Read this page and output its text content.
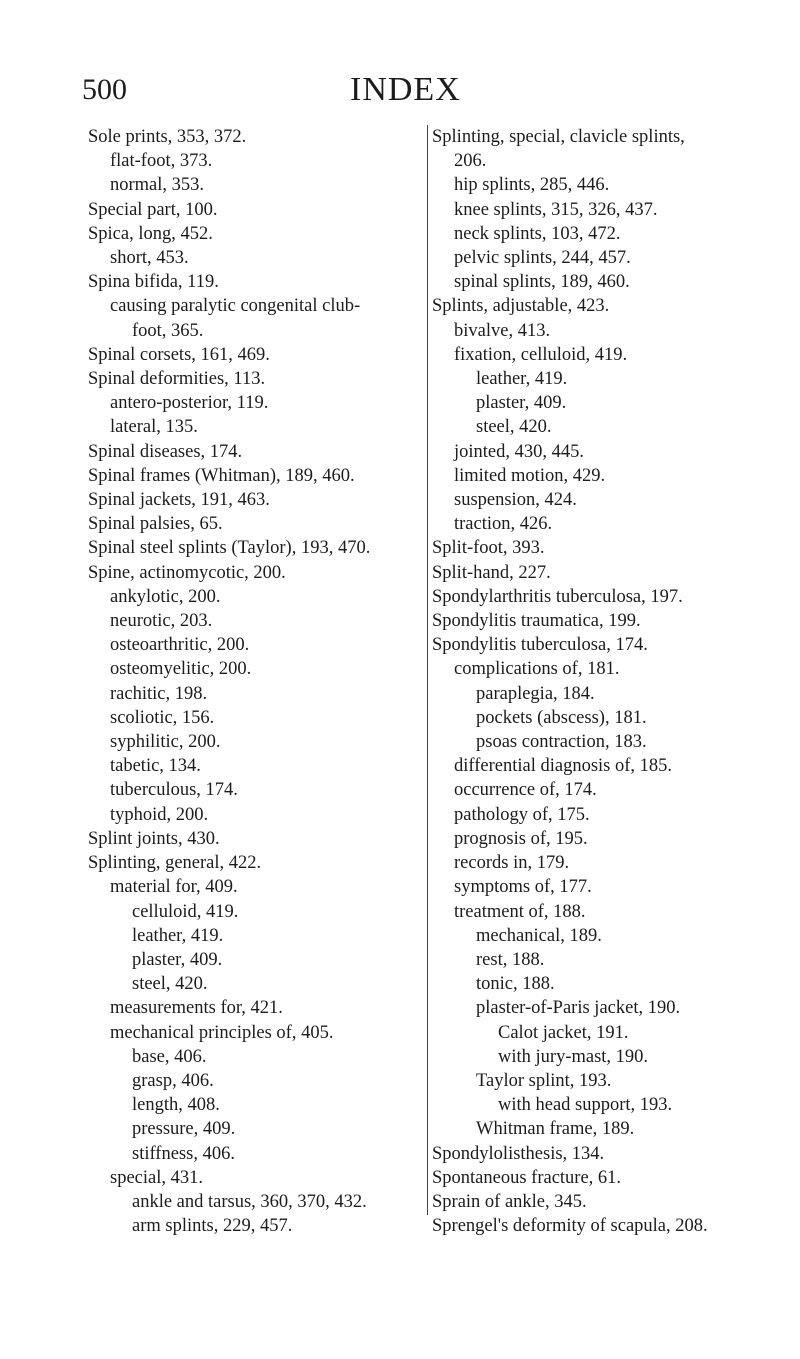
500	INDEX
Sole prints, 353, 372.
flat-foot, 373.
normal, 353.
Special part, 100.
Spica, long, 452.
short, 453.
Spina bifida, 119.
causing paralytic congenital club-
foot, 365.
Spinal corsets, 161, 469.
Spinal deformities, 113.
antero-posterior, 119.
lateral, 135.
Spinal diseases, 174.
Spinal frames (Whitman), 189, 460.
Spinal jackets, 191, 463.
Spinal palsies, 65.
Spinal steel splints (Taylor), 193, 470.
Spine, actinomycotic, 200.
ankylotic, 200.
neurotic, 203.
osteoarthritic, 200.
osteomyelitic, 200.
rachitic, 198.
scoliotic, 156.
syphilitic, 200.
tabetic, 134.
tuberculous, 174.
typhoid, 200.
Splint joints, 430.
Splinting, general, 422.
material for, 409.
celluloid, 419.
leather, 419.
plaster, 409.
steel, 420.
measurements for, 421.
mechanical principles of, 405.
base, 406.
grasp, 406.
length, 408.
pressure, 409.
stiffness, 406.
special, 431.
ankle and tarsus, 360, 370, 432.
arm splints, 229, 457.
Splinting, special, clavicle splints,
206.
hip splints, 285, 446.
knee splints, 315, 326, 437.
neck splints, 103, 472.
pelvic splints, 244, 457.
spinal splints, 189, 460.
Splints, adjustable, 423.
bivalve, 413.
fixation, celluloid, 419.
leather, 419.
plaster, 409.
steel, 420.
jointed, 430, 445.
limited motion, 429.
suspension, 424.
traction, 426.
Split-foot, 393.
Split-hand, 227.
Spondylarthritis tuberculosa, 197.
Spondylitis traumatica, 199.
Spondylitis tuberculosa, 174.
complications of, 181.
paraplegia, 184.
pockets (abscess), 181.
psoas contraction, 183.
differential diagnosis of, 185.
occurrence of, 174.
pathology of, 175.
prognosis of, 195.
records in, 179.
symptoms of, 177.
treatment of, 188.
mechanical, 189.
rest, 188.
tonic, 188.
plaster-of-Paris jacket, 190.
Calot jacket, 191.
with jury-mast, 190.
Taylor splint, 193.
with head support, 193.
Whitman frame, 189.
Spondylolisthesis, 134.
Spontaneous fracture, 61.
Sprain of ankle, 345.
Sprengel's deformity of scapula, 208.
